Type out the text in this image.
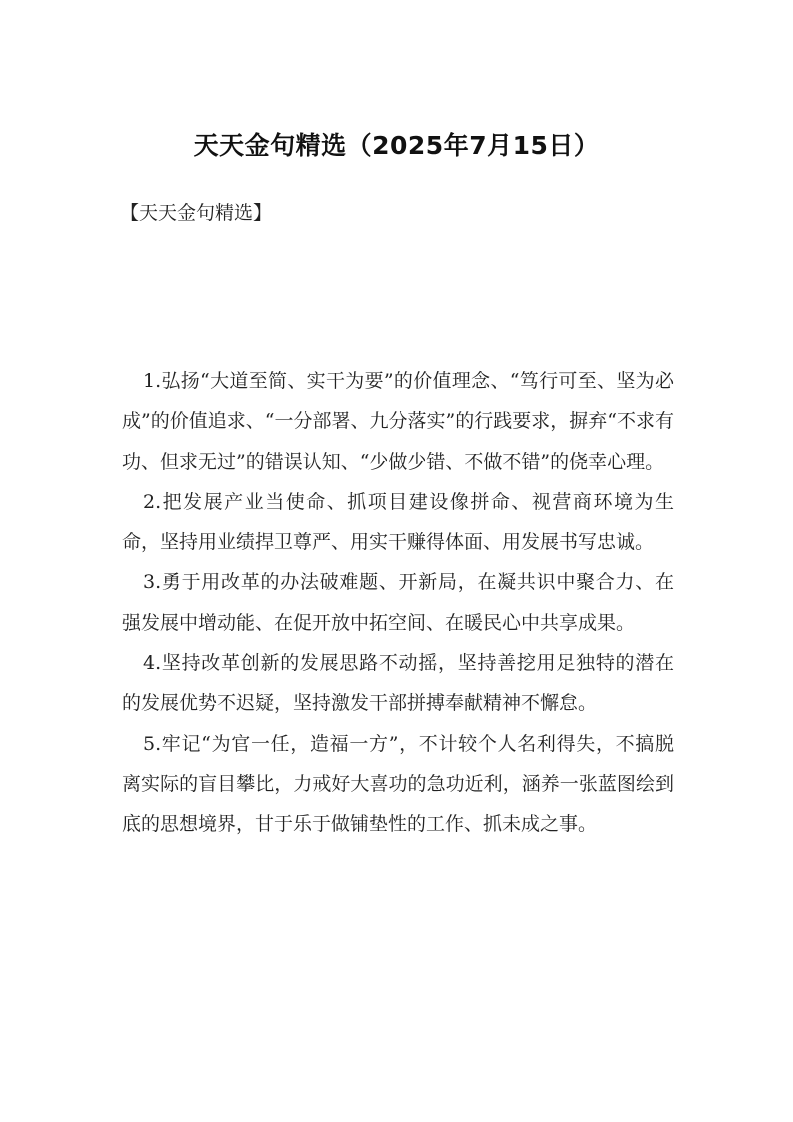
天天金句精选（2025年7月15日）
【天天金句精选】

1.弘扬“大道至简、实干为要”的价值理念、“笃行可至、坚为必成”的价值追求、“一分部署、九分落实”的行践要求，摒弃“不求有功、但求无过”的错误认知、“少做少错、不做不错”的侥幸心理。

2.把发展产业当使命、抓项目建设像拼命、视营商环境为生命，坚持用业绩捍卫尊严、用实干赚得体面、用发展书写忠诚。

3.勇于用改革的办法破难题、开新局，在凝共识中聚合力、在强发展中增动能、在促开放中拓空间、在暖民心中共享成果。

4.坚持改革创新的发展思路不动摇，坚持善挖用足独特的潜在的发展优势不迟疑，坚持激发干部拼搏奉献精神不懈怠。

5.牢记“为官一任，造福一方”，不计较个人名利得失，不搞脱离实际的盲目攀比，力戒好大喜功的急功近利，涵养一张蓝图绘到底的思想境界，甘于乐于做铺垫性的工作、抓未成之事。
